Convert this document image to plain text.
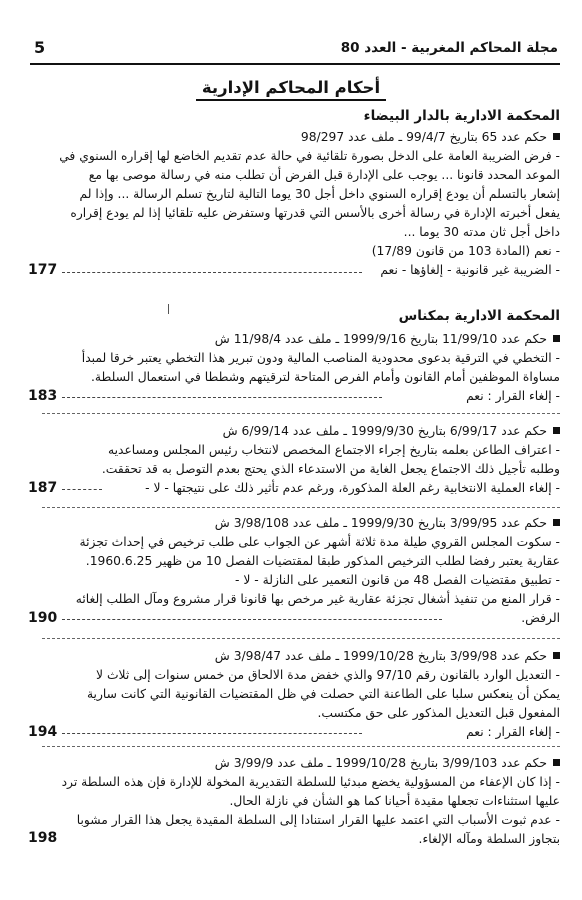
مجلة المحاكم المغربية - العدد 80
5
أحكام المحاكم الإدارية
المحكمة الادارية بالدار البيضاء
حكم عدد 65 بتاريخ 99/4/7 ـ ملف عدد 98/297
- فرض الضريبة العامة على الدخل بصورة تلقائية في حالة عدم تقديم الخاضع لها إقراره السنوي في
الموعد المحدد قانونا ... يوجب على الإدارة قبل الفرض أن تطلب منه في رسالة موصى بها مع
إشعار بالتسلم أن يودع إقراره السنوي داخل أجل 30 يوما التالية لتاريخ تسلم الرسالة ... وإذا لم
يفعل أخبرته الإدارة في رسالة أخرى بالأسس التي قدرتها وستفرض عليه تلقائيا إذا لم يودع إقراره
داخل أجل ثان مدته 30 يوما ...
- نعم (المادة 103 من قانون 17/89)
- الضريبة غير قانونية - إلغاؤها - نعم
177
المحكمة الادارية بمكناس
حكم عدد 11/99/10 بتاريخ 1999/9/16 ـ ملف عدد 11/98/4 ش
- التخطي في الترقية بدعوى محدودية المناصب المالية ودون تبرير هذا التخطي يعتبر خرقا لمبدأ
مساواة الموظفين أمام القانون وأمام الفرص المتاحة لترقيتهم وشططا في استعمال السلطة.
- إلغاء القرار : نعم
183
حكم عدد 6/99/17 بتاريخ 1999/9/30 ـ ملف عدد 6/99/14 ش
- اعتراف الطاعن بعلمه بتاريخ إجراء الاجتماع المخصص لانتخاب رئيس المجلس ومساعديه
وطلبه تأجيل ذلك الاجتماع يجعل الغاية من الاستدعاء الذي يحتج بعدم التوصل به قد تحققت.
- إلغاء العملية الانتخابية رغم العلة المذكورة، ورغم عدم تأثير ذلك على نتيجتها - لا -
187
حكم عدد 3/99/95 بتاريخ 1999/9/30 ـ ملف عدد 3/98/108 ش
- سكوت المجلس القروي طيلة مدة ثلاثة أشهر عن الجواب على طلب ترخيص في إحداث تجزئة
عقارية يعتبر رفضا لطلب الترخيص المذكور طبقا لمقتضيات الفصل 10 من ظهير 1960.6.25.
- تطبيق مقتضيات الفصل 48 من قانون التعمير على النازلة - لا -
- قرار المنع من تنفيذ أشغال تجزئة عقارية غير مرخص بها قانونا قرار مشروع ومآل الطلب إلغائه
الرفض.
190
حكم عدد 3/99/98 بتاريخ 1999/10/28 ـ ملف عدد 3/98/47 ش
- التعديل الوارد بالقانون رقم 97/10 والذي خفض مدة الالحاق من خمس سنوات إلى ثلاث لا
يمكن أن ينعكس سلبا على الطاعنة التي حصلت في ظل المقتضيات القانونية التي كانت سارية
المفعول قبل التعديل المذكور على حق مكتسب.
- إلغاء القرار : نعم
194
حكم عدد 3/99/103 بتاريخ 1999/10/28 ـ ملف عدد 3/99/9 ش
- إذا كان الإعفاء من المسؤولية يخضع مبدئيا للسلطة التقديرية المخولة للإدارة فإن هذه السلطة ترد
عليها استثناءات تجعلها مقيدة أحيانا كما هو الشأن في نازلة الحال.
- عدم ثبوت الأسباب التي اعتمد عليها القرار استنادا إلى السلطة المقيدة يجعل هذا القرار مشوبا
بتجاوز السلطة ومآله الإلغاء.
198
